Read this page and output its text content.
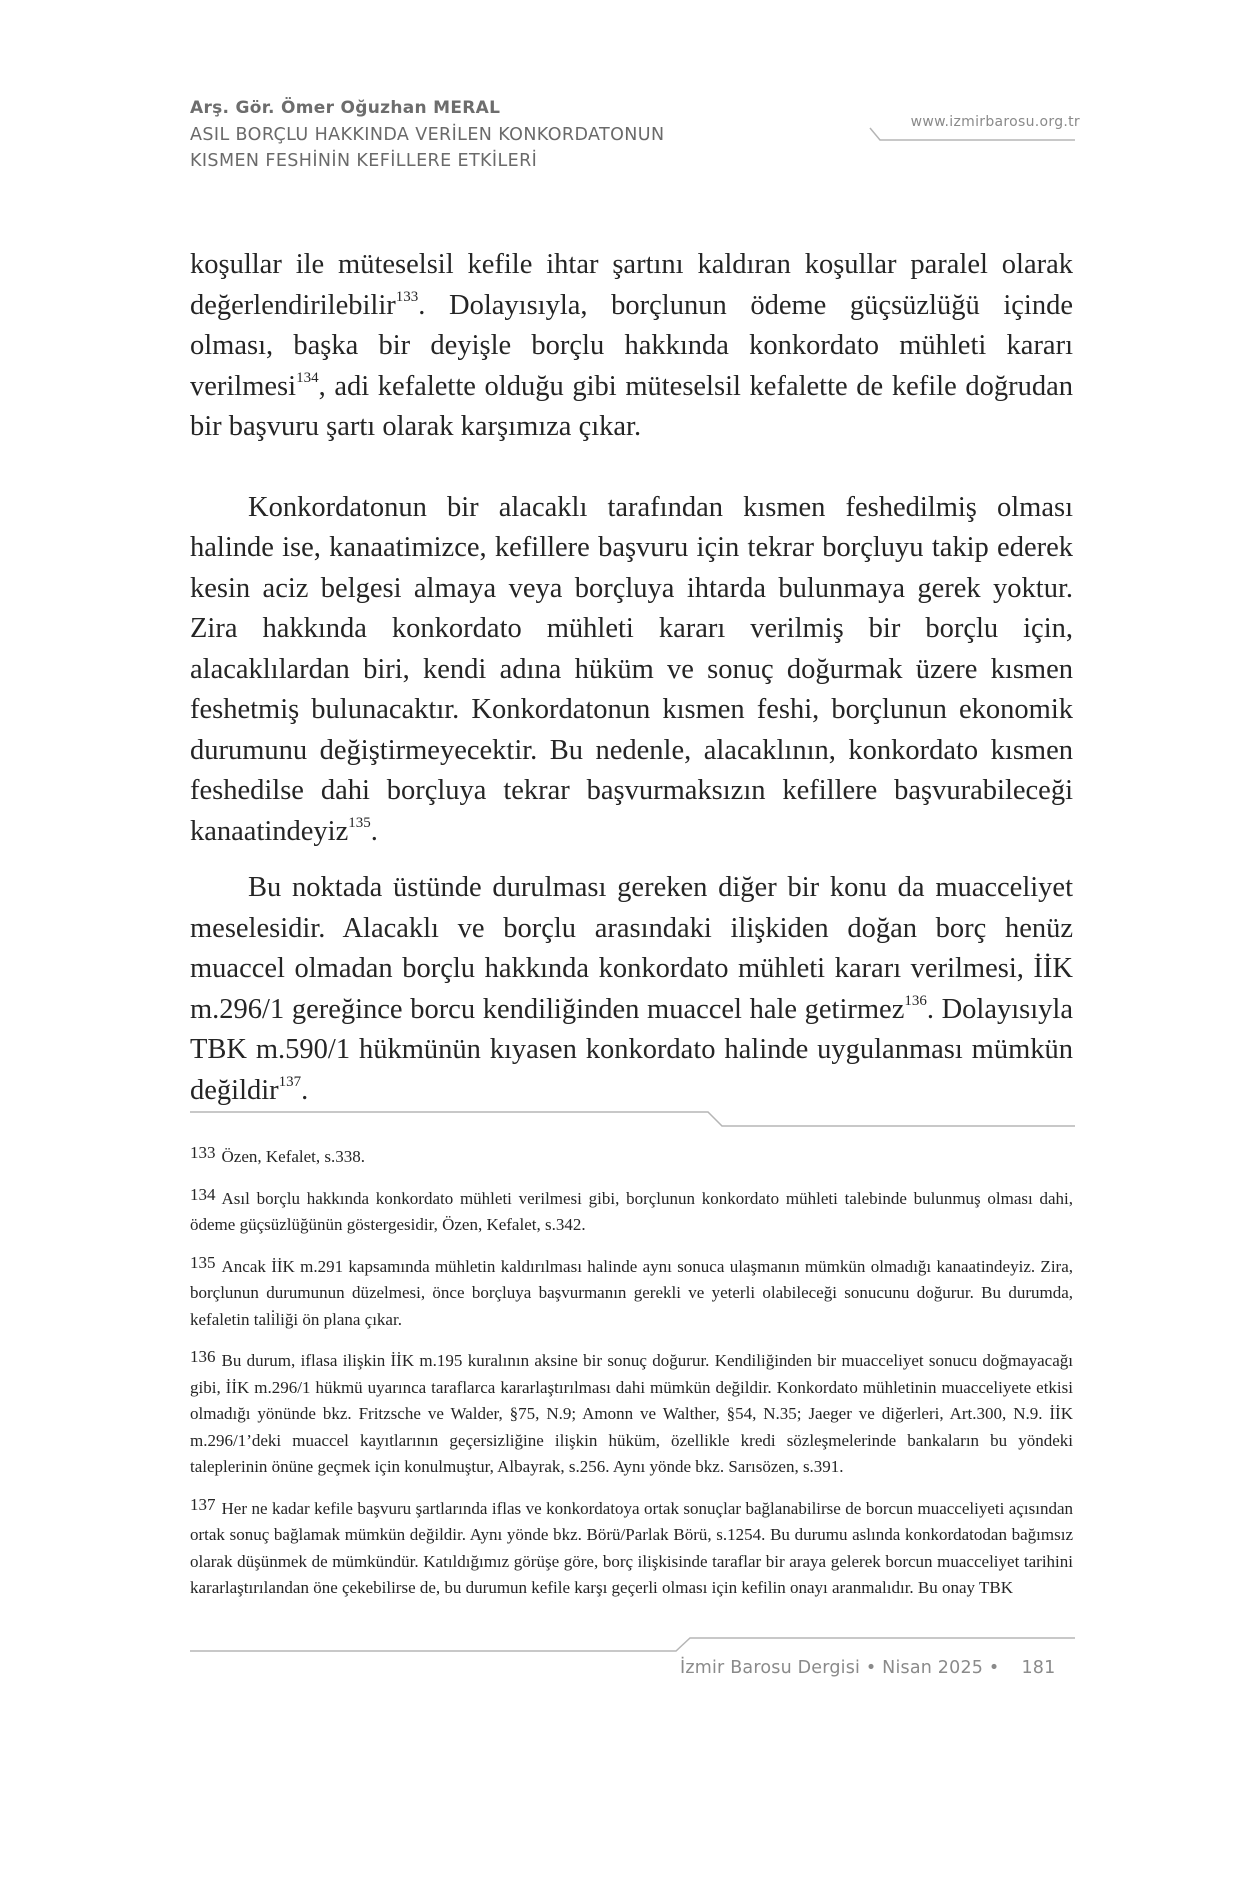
Arş. Gör. Ömer Oğuzhan MERAL
ASIL BORÇLU HAKKINDA VERİLEN KONKORDATONUN
KISMEN FESHİNİN KEFİLLERE ETKİLERİ
www.izmirbarosu.org.tr

koşullar ile müteselsil kefile ihtar şartını kaldıran koşullar paralel olarak değerlendirilebilir$^{133}$. Dolayısıyla, borçlunun ödeme güçsüzlüğü içinde olması, başka bir deyişle borçlu hakkında konkordato mühleti kararı verilmesi$^{134}$, adi kefalette olduğu gibi müteselsil kefalette de kefile doğrudan bir başvuru şartı olarak karşımıza çıkar.

Konkordatonun bir alacaklı tarafından kısmen feshedilmiş olması halinde ise, kanaatimizce, kefillere başvuru için tekrar borçluyu takip ederek kesin aciz belgesi almaya veya borçluya ihtarda bulunmaya gerek yoktur. Zira hakkında konkordato mühleti kararı verilmiş bir borçlu için, alacaklılardan biri, kendi adına hüküm ve sonuç doğurmak üzere kısmen feshetmiş bulunacaktır. Konkordatonun kısmen feshi, borçlunun ekonomik durumunu değiştirmeyecektir. Bu nedenle, alacaklının, konkordato kısmen feshedilse dahi borçluya tekrar başvurmaksızın kefillere başvurabileceği kanaatindeyiz$^{135}$.

Bu noktada üstünde durulması gereken diğer bir konu da muacceliyet meselesidir. Alacaklı ve borçlu arasındaki ilişkiden doğan borç henüz muaccel olmadan borçlu hakkında konkordato mühleti kararı verilmesi, İİK m.296/1 gereğince borcu kendiliğinden muaccel hale getirmez$^{136}$. Dolayısıyla TBK m.590/1 hükmünün kıyasen konkordato halinde uygulanması mümkün değildir$^{137}$.

133 Özen, Kefalet, s.338.
134 Asıl borçlu hakkında konkordato mühleti verilmesi gibi, borçlunun konkordato mühleti talebinde bulunmuş olması dahi, ödeme güçsüzlüğünün göstergesidir, Özen, Kefalet, s.342.
135 Ancak İİK m.291 kapsamında mühletin kaldırılması halinde aynı sonuca ulaşmanın mümkün olmadığı kanaatindeyiz. Zira, borçlunun durumunun düzelmesi, önce borçluya başvurmanın gerekli ve yeterli olabileceği sonucunu doğurur. Bu durumda, kefaletin tali̇liği ön plana çıkar.
136 Bu durum, iflasa ilişkin İİK m.195 kuralının aksine bir sonuç doğurur. Kendiliğinden bir muacceliyet sonucu doğmayacağı gibi, İİK m.296/1 hükmü uyarınca taraflarca kararlaştırılması dahi mümkün değildir. Konkordato mühletinin muacceliyete etkisi olmadığı yönünde bkz. Fritzsche ve Walder, §75, N.9; Amonn ve Walther, §54, N.35; Jaeger ve diğerleri, Art.300, N.9. İİK m.296/1’deki muaccel kayıtlarının geçersizliğine ilişkin hüküm, özellikle kredi sözleşmelerinde bankaların bu yöndeki taleplerinin önüne geçmek için konulmuştur, Albayrak, s.256. Aynı yönde bkz. Sarısözen, s.391.
137 Her ne kadar kefile başvuru şartlarında iflas ve konkordatoya ortak sonuçlar bağlanabilirse de borcun muacceliyeti açısından ortak sonuç bağlamak mümkün değildir. Aynı yönde bkz. Börü/Parlak Börü, s.1254. Bu durumu aslında konkordatodan bağımsız olarak düşünmek de mümkündür. Katıldığımız görüşe göre, borç ilişkisinde taraflar bir araya gelerek borcun muacceliyet tarihini kararlaştırılandan öne çekebilirse de, bu durumun kefile karşı geçerli olması için kefilin onayı aranmalıdır. Bu onay TBK
İzmir Barosu Dergisi • Nisan 2025 • 181
